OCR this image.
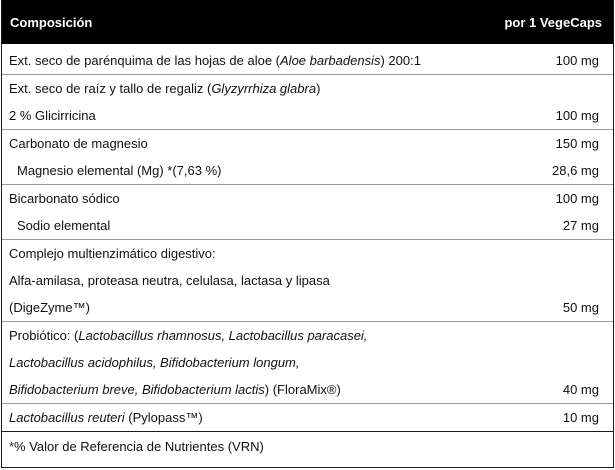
Composición	por 1 VegeCaps
Ext. seco de parénquima de las hojas de aloe (Aloe barbadensis) 200:1	100 mg
Ext. seco de raíz y tallo de regaliz (Glyzyrrhiza glabra)
2 % Glicirricina	100 mg
Carbonato de magnesio	150 mg
Magnesio elemental (Mg) *(7,63 %)	28,6 mg
Bicarbonato sódico	100 mg
Sodio elemental	27 mg
Complejo multienzimático digestivo:
Alfa-amilasa, proteasa neutra, celulasa, lactasa y lipasa
(DigeZyme™)	50 mg
Probiótico: (Lactobacillus rhamnosus, Lactobacillus paracasei,
Lactobacillus acidophilus, Bifidobacterium longum,
Bifidobacterium breve, Bifidobacterium lactis) (FloraMix®)	40 mg
Lactobacillus reuteri (Pylopass™)	10 mg
*% Valor de Referencia de Nutrientes (VRN)
